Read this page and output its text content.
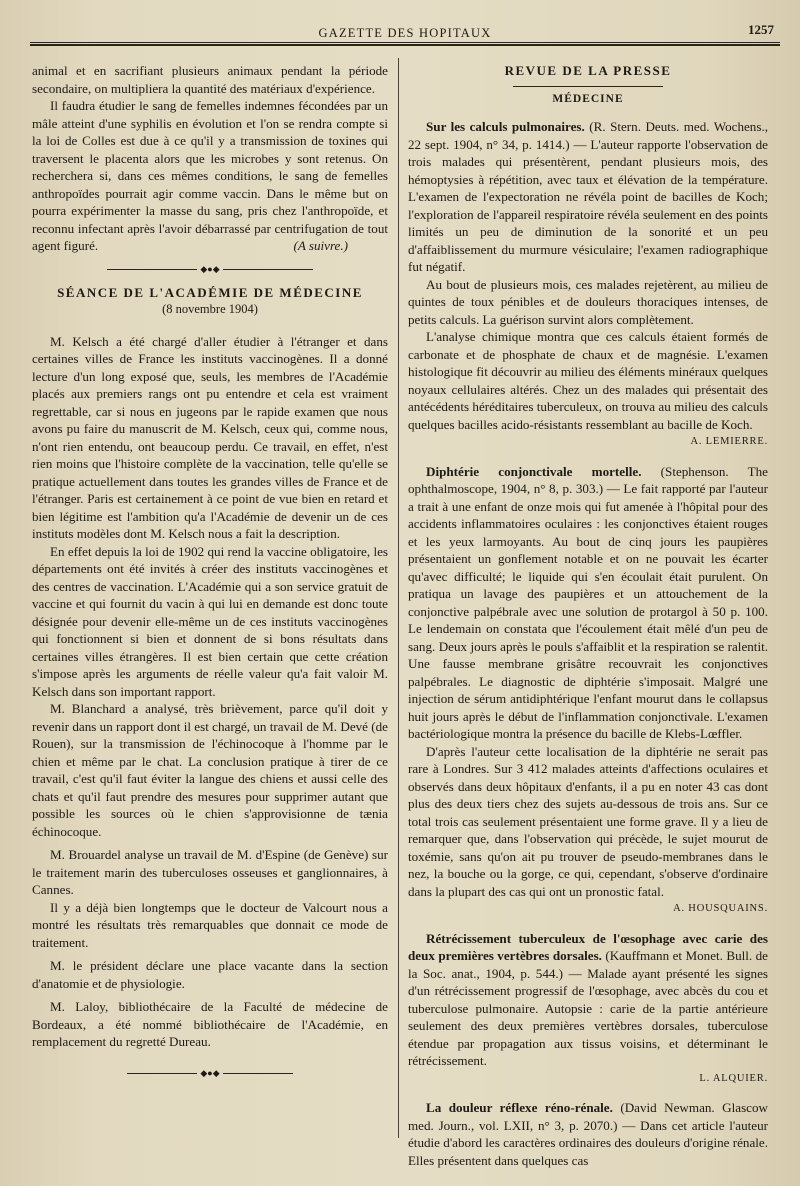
GAZETTE DES HOPITAUX	1257

animal et en sacrifiant plusieurs animaux pendant la période secondaire, on multipliera la quantité des matériaux d'expérience.

Il faudra étudier le sang de femelles indemnes fécondées par un mâle atteint d'une syphilis en évolution et l'on se rendra compte si la loi de Colles est due à ce qu'il y a transmission de toxines qui traversent le placenta alors que les microbes y sont retenus. On recherchera si, dans ces mêmes conditions, le sang de femelles anthropoïdes pourrait agir comme vaccin. Dans le même but on pourra expérimenter la masse du sang, pris chez l'anthropoïde, et reconnu infectant après l'avoir débarrassé par centrifugation de tout agent figuré.	(A suivre.)

◆●◆

SÉANCE DE L'ACADÉMIE DE MÉDECINE

(8 novembre 1904)

M. Kelsch a été chargé d'aller étudier à l'étranger et dans certaines villes de France les instituts vaccinogènes. Il a donné lecture d'un long exposé que, seuls, les membres de l'Académie placés aux premiers rangs ont pu entendre et cela est vraiment regrettable, car si nous en jugeons par le rapide examen que nous avons pu faire du manuscrit de M. Kelsch, ceux qui, comme nous, n'ont rien entendu, ont beaucoup perdu. Ce travail, en effet, n'est rien moins que l'histoire complète de la vaccination, telle qu'elle se pratique actuellement dans toutes les grandes villes de France et de l'étranger. Paris est certainement à ce point de vue bien en retard et bien légitime est l'ambition qu'a l'Académie de devenir un de ces instituts modèles dont M. Kelsch nous a fait la description.

En effet depuis la loi de 1902 qui rend la vaccine obligatoire, les départements ont été invités à créer des instituts vaccinogènes et des centres de vaccination. L'Académie qui a son service gratuit de vaccine et qui fournit du vacin à qui lui en demande est donc toute désignée pour devenir elle-même un de ces instituts vaccinogènes qui fonctionnent si bien et donnent de si bons résultats dans certaines villes étrangères. Il est bien certain que cette création s'impose après les arguments de réelle valeur qu'a fait valoir M. Kelsch dans son important rapport.

M. Blanchard a analysé, très brièvement, parce qu'il doit y revenir dans un rapport dont il est chargé, un travail de M. Devé (de Rouen), sur la transmission de l'échinocoque à l'homme par le chien et même par le chat. La conclusion pratique à tirer de ce travail, c'est qu'il faut éviter la langue des chiens et aussi celle des chats et qu'il faut prendre des mesures pour supprimer autant que possible les sources où le chien s'approvisionne de tænia échinocoque.

M. Brouardel analyse un travail de M. d'Espine (de Genève) sur le traitement marin des tuberculoses osseuses et ganglionnaires, à Cannes.

Il y a déjà bien longtemps que le docteur de Valcourt nous a montré les résultats très remarquables que donnait ce mode de traitement.

M. le président déclare une place vacante dans la section d'anatomie et de physiologie.

M. Laloy, bibliothécaire de la Faculté de médecine de Bordeaux, a été nommé bibliothécaire de l'Académie, en remplacement du regretté Dureau.

◆●◆

REVUE DE LA PRESSE

MÉDECINE

Sur les calculs pulmonaires. (R. Stern. Deuts. med. Wochens., 22 sept. 1904, n° 34, p. 1414.) — L'auteur rapporte l'observation de trois malades qui présentèrent, pendant plusieurs mois, des hémoptysies à répétition, avec taux et élévation de la température. L'examen de l'expectoration ne révéla point de bacilles de Koch; l'exploration de l'appareil respiratoire révéla seulement en des points limités un peu de diminution de la sonorité et un peu d'affaiblissement du murmure vésiculaire; l'examen radiographique fut négatif.

Au bout de plusieurs mois, ces malades rejetèrent, au milieu de quintes de toux pénibles et de douleurs thoraciques intenses, de petits calculs. La guérison survint alors complètement.

L'analyse chimique montra que ces calculs étaient formés de carbonate et de phosphate de chaux et de magnésie. L'examen histologique fit découvrir au milieu des éléments minéraux quelques noyaux cellulaires altérés. Chez un des malades qui présentait des antécédents héréditaires tuberculeux, on trouva au milieu des calculs quelques bacilles acido-résistants ressemblant au bacille de Koch.

A. LEMIERRE.

Diphtérie conjonctivale mortelle. (Stephenson. The ophthalmoscope, 1904, n° 8, p. 303.) — Le fait rapporté par l'auteur a trait à une enfant de onze mois qui fut amenée à l'hôpital pour des accidents inflammatoires oculaires : les conjonctives étaient rouges et les yeux larmoyants. Au bout de cinq jours les paupières présentaient un gonflement notable et on ne pouvait les écarter qu'avec difficulté; le liquide qui s'en écoulait était purulent. On pratiqua un lavage des paupières et un attouchement de la conjonctive palpébrale avec une solution de protargol à 50 p. 100. Le lendemain on constata que l'écoulement était mêlé d'un peu de sang. Deux jours après le pouls s'affaiblit et la respiration se ralentit. Une fausse membrane grisâtre recouvrait les conjonctives palpébrales. Le diagnostic de diphtérie s'imposait. Malgré une injection de sérum antidiphtérique l'enfant mourut dans le collapsus huit jours après le début de l'inflammation conjonctivale. L'examen bactériologique montra la présence du bacille de Klebs-Lœffler.

D'après l'auteur cette localisation de la diphtérie ne serait pas rare à Londres. Sur 3 412 malades atteints d'affections oculaires et observés dans deux hôpitaux d'enfants, il a pu en noter 43 cas dont plus des deux tiers chez des sujets au-dessous de trois ans. Sur ce total trois cas seulement présentaient une forme grave. Il y a lieu de remarquer que, dans l'observation qui précède, le sujet mourut de toxémie, sans qu'on ait pu trouver de pseudo-membranes dans le nez, la bouche ou la gorge, ce qui, cependant, s'observe d'ordinaire dans la plupart des cas qui ont un pronostic fatal.

A. HOUSQUAINS.

Rétrécissement tuberculeux de l'œsophage avec carie des deux premières vertèbres dorsales. (Kauffmann et Monet. Bull. de la Soc. anat., 1904, p. 544.) — Malade ayant présenté les signes d'un rétrécissement progressif de l'œsophage, avec abcès du cou et tuberculose pulmonaire. Autopsie : carie de la partie antérieure seulement des deux premières vertèbres dorsales, tuberculose étendue par propagation aux tissus voisins, et déterminant le rétrécissement.

L. ALQUIER.

La douleur réflexe réno-rénale. (David Newman. Glascow med. Journ., vol. LXII, n° 3, p. 2070.) — Dans cet article l'auteur étudie d'abord les caractères ordinaires des douleurs d'origine rénale. Elles présentent dans quelques cas
